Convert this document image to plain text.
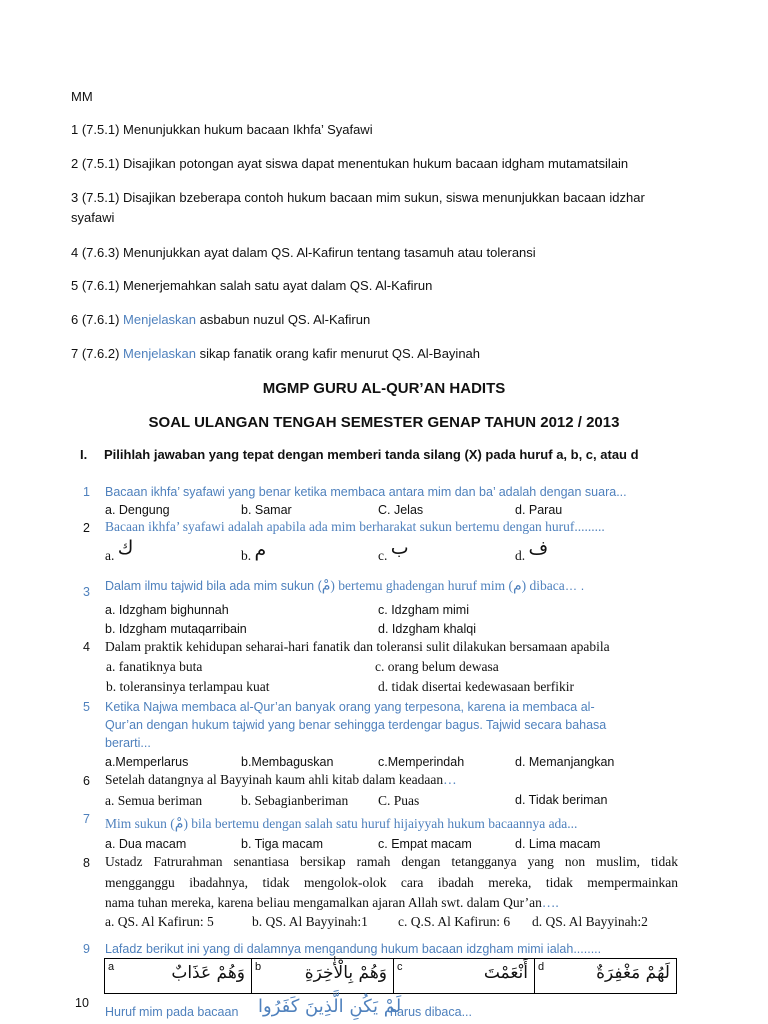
MM
1 (7.5.1) Menunjukkan hukum bacaan Ikhfa’ Syafawi
2 (7.5.1) Disajikan potongan ayat siswa dapat menentukan hukum bacaan idgham mutamatsilain
3 (7.5.1) Disajikan bzeberapa contoh hukum bacaan mim sukun, siswa menunjukkan bacaan idzhar
syafawi
4 (7.6.3) Menunjukkan ayat dalam QS. Al-Kafirun tentang tasamuh atau toleransi
5 (7.6.1) Menerjemahkan salah satu ayat dalam QS. Al-Kafirun
6 (7.6.1) Menjelaskan asbabun nuzul QS. Al-Kafirun
7 (7.6.2) Menjelaskan sikap fanatik orang kafir menurut QS. Al-Bayinah
MGMP GURU AL-QUR’AN HADITS
SOAL ULANGAN TENGAH SEMESTER GENAP TAHUN 2012 / 2013
I. Pilihlah jawaban yang tepat dengan memberi tanda silang (X) pada huruf a, b, c, atau d
1 Bacaan ikhfa’ syafawi yang benar ketika membaca antara mim dan ba’ adalah dengan suara...
a. Dengung	b. Samar	C. Jelas	d. Parau
2 Bacaan ikhfa’ syafawi adalah apabila ada mim berharakat sukun bertemu dengan huruf.........
a. ك	b. م	c. ب	d. ف
3 Dalam ilmu tajwid bila ada mim sukun (مْ) bertemu ghadengan huruf mim (م) dibaca… .
a. Idzgham bighunnah	c. Idzgham mimi
b. Idzgham mutaqarribain	d. Idzgham khalqi
4 Dalam praktik kehidupan seharai-hari fanatik dan toleransi sulit dilakukan bersamaan apabila
a. fanatiknya buta	c. orang belum dewasa
b. toleransinya terlampau kuat	d. tidak disertai kedewasaan berfikir
5 Ketika Najwa membaca al-Qur’an banyak orang yang terpesona, karena ia membaca al-
Qur’an dengan hukum tajwid yang benar sehingga terdengar bagus. Tajwid secara bahasa
berarti...
a.Memperlarus	b.Membaguskan	c.Memperindah	d. Memanjangkan
6 Setelah datangnya al Bayyinah kaum ahli kitab dalam keadaan…
a. Semua beriman	b. Sebagianberiman C. Puas	d. Tidak beriman
7 Mim sukun (مْ) bila bertemu dengan salah satu huruf hijaiyyah hukum bacaannya ada...
a. Dua macam	b. Tiga macam	c. Empat macam	d. Lima macam
8 Ustadz Fatrurahman senantiasa bersikap ramah dengan tetangganya yang non muslim, tidak
mengganggu ibadahnya, tidak mengolok-olok cara ibadah mereka, tidak mempermainkan
nama tuhan mereka, karena beliau mengamalkan ajaran Allah swt. dalam Qur’an….
a. QS. Al Kafirun: 5	b. QS. Al Bayyinah:1 c. Q.S. Al Kafirun: 6 d. QS. Al Bayyinah:2
9 Lafadz berikut ini yang di dalamnya mengandung hukum bacaan idzgham mimi ialah........
a	وَهُمْ عَذَابٌ	b	وَهُمْ بِالْأٰخِرَةِ	c	أَنْعَمْتَ	d	لَهُمْ مَغْفِرَةٌ
10
Huruf mim pada bacaan لَمْ يَكُنِ الَّذِينَ كَفَرُوا
harus dibaca...
